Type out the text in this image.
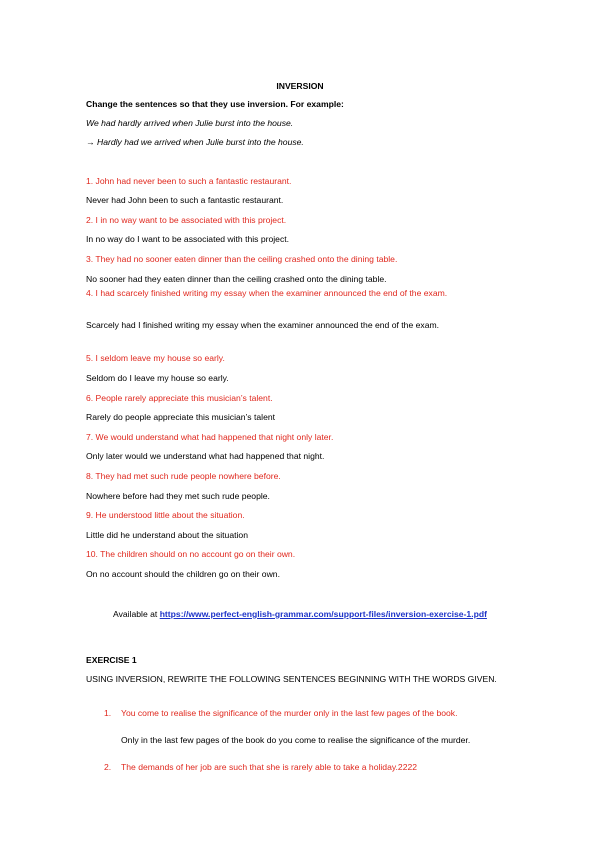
INVERSION
Change the sentences so that they use inversion. For example:
We had hardly arrived when Julie burst into the house.
→ Hardly had we arrived when Julie burst into the house.
1. John had never been to such a fantastic restaurant.
Never had John been to such a fantastic restaurant.
2. I in no way want to be associated with this project.
In no way do I want to be associated with this project.
3. They had no sooner eaten dinner than the ceiling crashed onto the dining table.
No sooner had they eaten dinner than the ceiling crashed onto the dining table.
4. I had scarcely finished writing my essay when the examiner announced the end of the exam.
Scarcely had I finished writing my essay when the examiner announced the end of the exam.
5. I seldom leave my house so early.
Seldom do I leave my house so early.
6. People rarely appreciate this musician’s talent.
Rarely do people appreciate this musician’s talent
7. We would understand what had happened that night only later.
Only later would we understand what had happened that night.
8. They had met such rude people nowhere before.
Nowhere before had they met such rude people.
9. He understood little about the situation.
Little did he understand about the situation
10. The children should on no account go on their own.
On no account should the children go on their own.
Available at https://www.perfect-english-grammar.com/support-files/inversion-exercise-1.pdf
EXERCISE 1
USING INVERSION, REWRITE THE FOLLOWING SENTENCES BEGINNING WITH THE WORDS GIVEN.
1. You come to realise the significance of the murder only in the last few pages of the book.
Only in the last few pages of the book do you come to realise the significance of the murder.
2. The demands of her job are such that she is rarely able to take a holiday.2222
